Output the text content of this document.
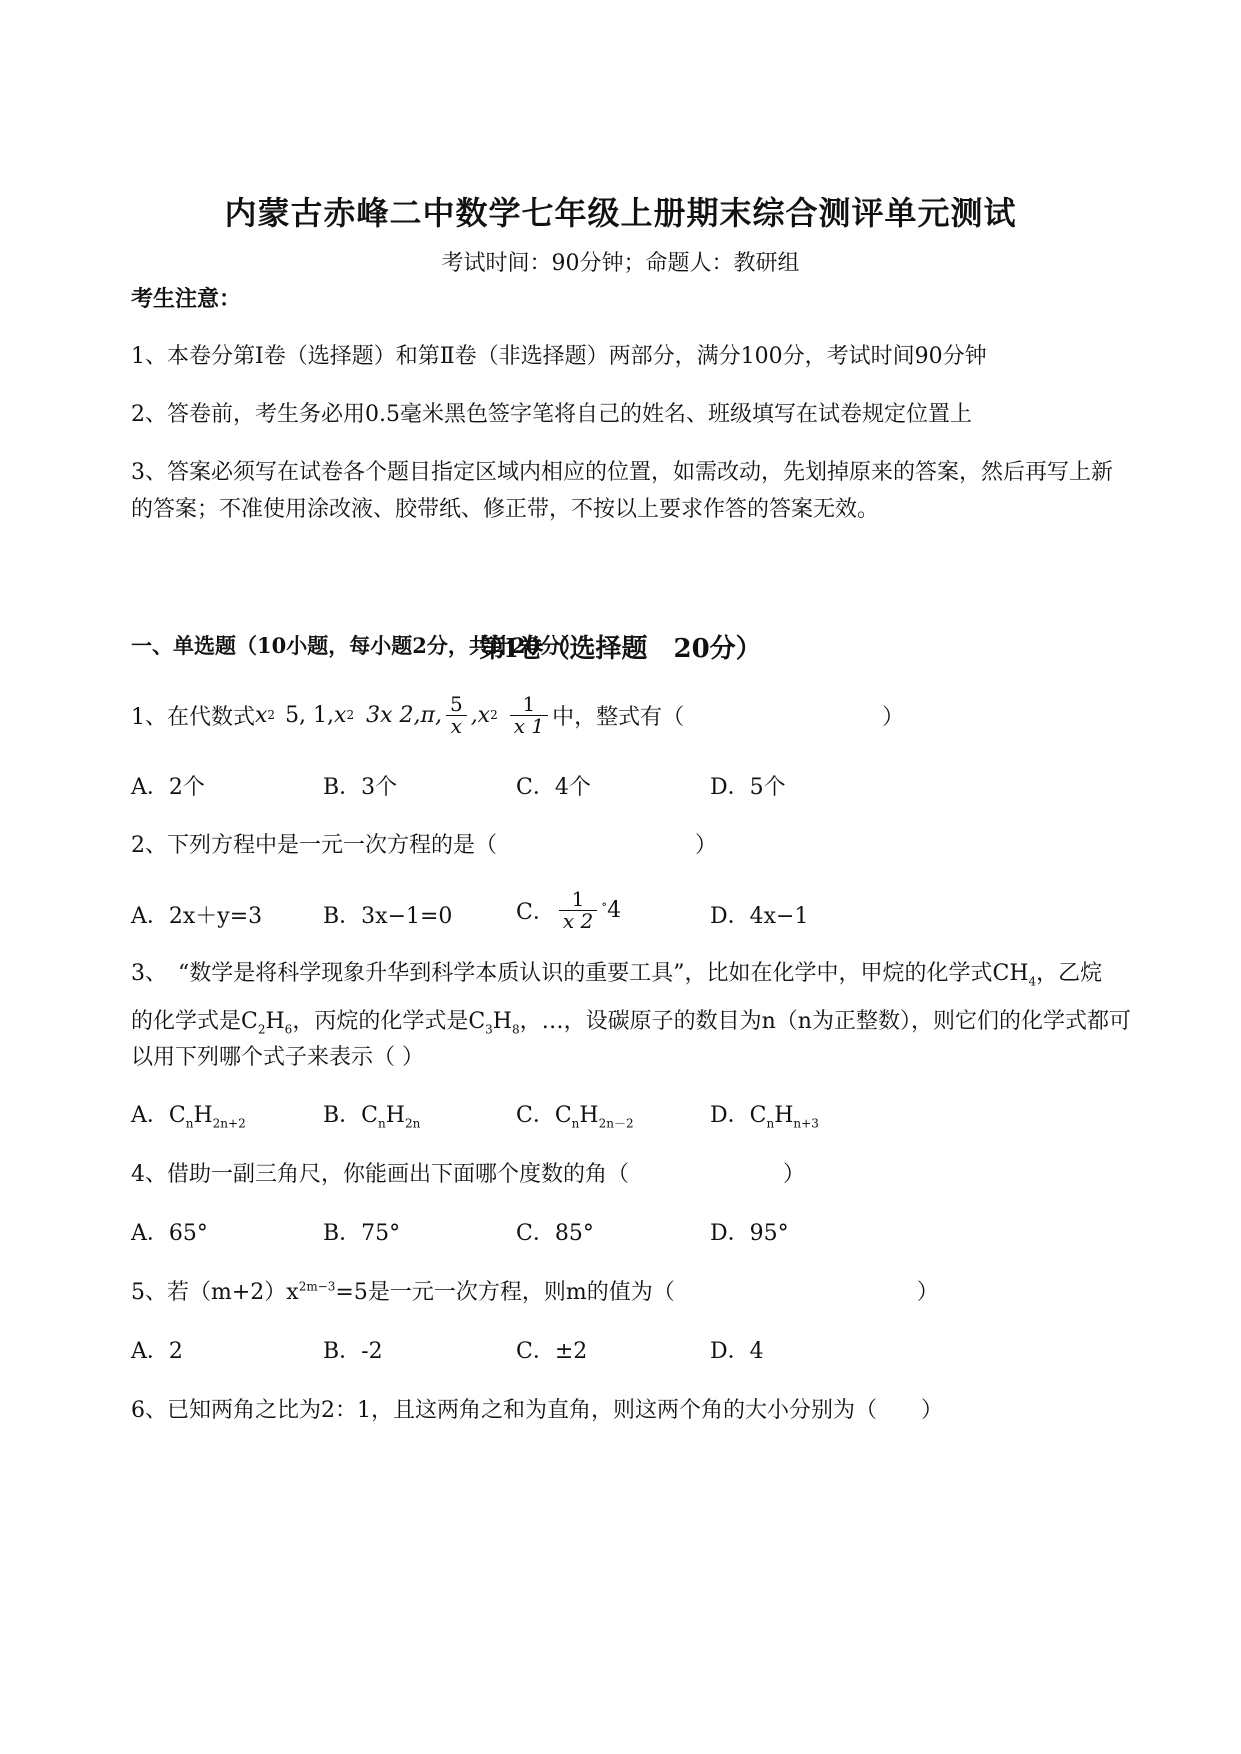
内蒙古赤峰二中数学七年级上册期末综合测评单元测试
考试时间：90分钟；命题人：教研组
考生注意：
1、本卷分第I卷（选择题）和第Ⅱ卷（非选择题）两部分，满分100分，考试时间90分钟
2、答卷前，考生务必用0.5毫米黑色签字笔将自己的姓名、班级填写在试卷规定位置上
3、答案必须写在试卷各个题目指定区域内相应的位置，如需改动，先划掉原来的答案，然后再写上新
的答案；不准使用涂改液、胶带纸、修正带，不按以上要求作答的答案无效。
第I卷（选择题　20分）
一、单选题（10小题，每小题2分，共计20分）
1、在代数式 x 2 5, 1, x 2 3x 2,π, $\frac{5}{x} ,x$ $2 \frac{1}{x 1}$ 中，整式有（　　　　　　　　　）
A．2个	B．3个	C．4个	D．5个
2、下列方程中是一元一次方程的是（　　　　　　　　　）
A．2x＋y=3	B．3x−1=0	C． $\frac{1}{x 2}$ ∘ 4	D．4x−1
3、　“数学是将科学现象升华到科学本质认识的重要工具”，比如在化学中，甲烷的化学式$CH_4$，乙烷
的化学式是$C_2H_6$，丙烷的化学式是$C_3H_8$，…，设碳原子的数目为n（n为正整数），则它们的化学式都可
以用下列哪个式子来表示（ ）
A．$C_nH_{2n+2}$	B．$C_nH_{2n}$	C．$C_nH_{2n-2}$	D．$C_nH_{n+3}$
4、借助一副三角尺，你能画出下面哪个度数的角（　　　　　　　）
A．65°	B．75°	C．85°	D．95°
5、若$(m+2)x^{2m-3}=5$是一元一次方程，则m的值为（　　　　　　　　　　　）
A．2	B．-2	C．±2	D．4
6、已知两角之比为2：1，且这两角之和为直角，则这两个角的大小分别为（　　）
